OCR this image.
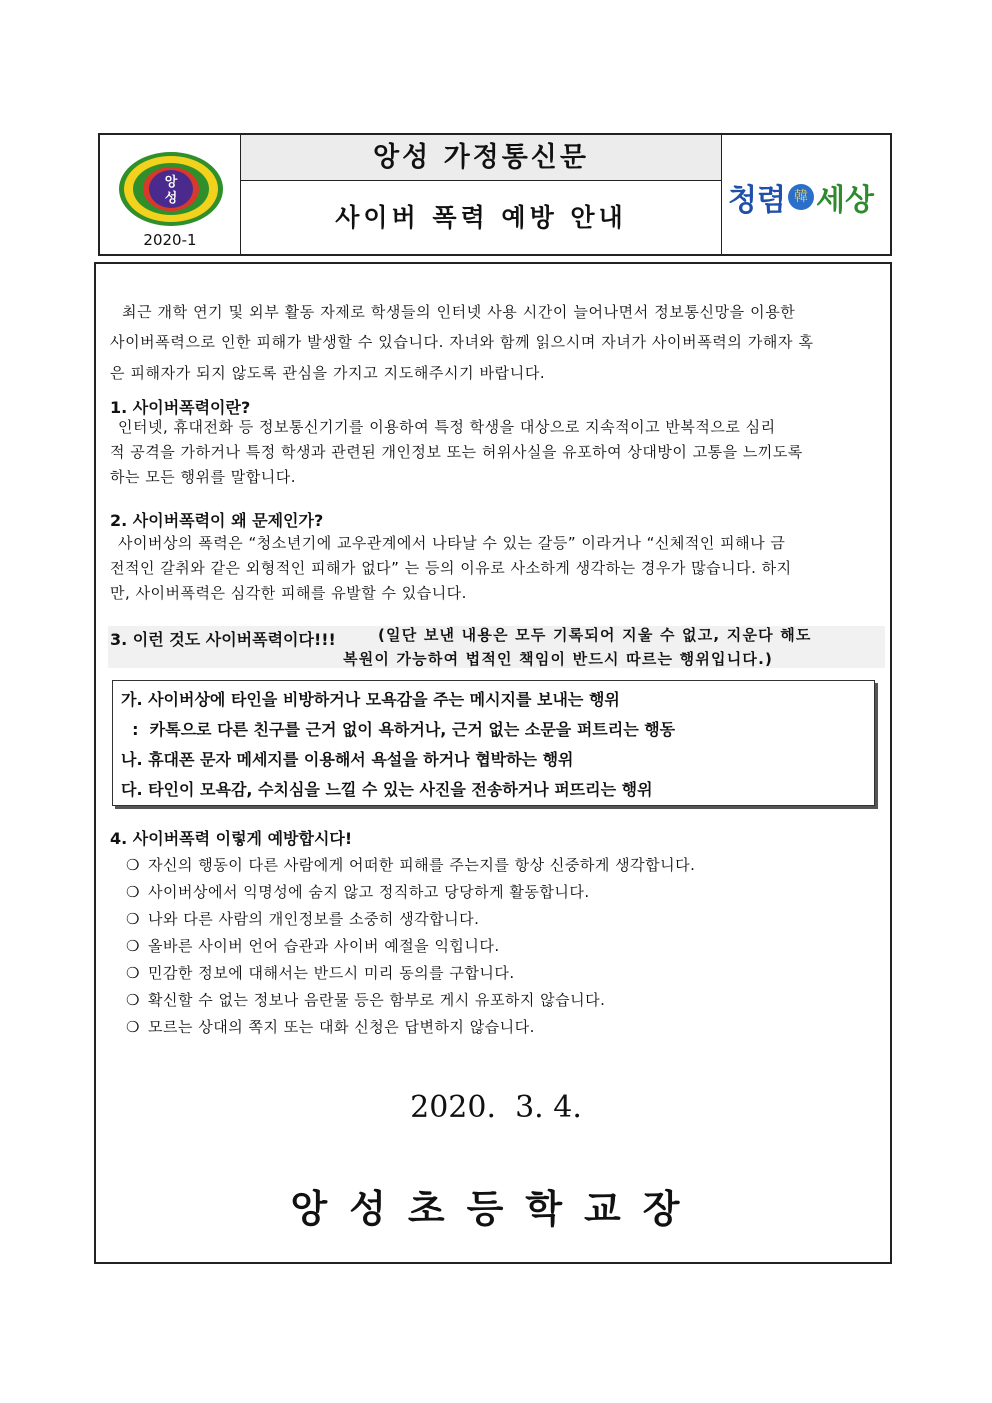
앙
성
2020-1
앙성 가정통신문
사이버 폭력 예방 안내	청렴 韓 세상
최근 개학 연기 및 외부 활동 자제로 학생들의 인터넷 사용 시간이 늘어나면서 정보통신망을 이용한
사이버폭력으로 인한 피해가 발생할 수 있습니다. 자녀와 함께 읽으시며 자녀가 사이버폭력의 가해자 혹
은 피해자가 되지 않도록 관심을 가지고 지도해주시기 바랍니다.
1. 사이버폭력이란?
인터넷, 휴대전화 등 정보통신기기를 이용하여 특정 학생을 대상으로 지속적이고 반복적으로 심리
적 공격을 가하거나 특정 학생과 관련된 개인정보 또는 허위사실을 유포하여 상대방이 고통을 느끼도록
하는 모든 행위를 말합니다.
2. 사이버폭력이 왜 문제인가?
사이버상의 폭력은 “청소년기에 교우관계에서 나타날 수 있는 갈등” 이라거나 “신체적인 피해나 금
전적인 갈취와 같은 외형적인 피해가 없다” 는 등의 이유로 사소하게 생각하는 경우가 많습니다. 하지
만, 사이버폭력은 심각한 피해를 유발할 수 있습니다.
3. 이런 것도 사이버폭력이다!!!	(일단 보낸 내용은 모두 기록되어 지울 수 없고, 지운다 해도
복원이 가능하여 법적인 책임이 반드시 따르는 행위입니다.)
가. 사이버상에 타인을 비방하거나 모욕감을 주는 메시지를 보내는 행위
:  카톡으로 다른 친구를 근거 없이 욕하거나, 근거 없는 소문을 퍼트리는 행동
나. 휴대폰 문자 메세지를 이용해서 욕설을 하거나 협박하는 행위
다. 타인이 모욕감, 수치심을 느낄 수 있는 사진을 전송하거나 퍼뜨리는 행위
4. 사이버폭력 이렇게 예방합시다!
❍ 자신의 행동이 다른 사람에게 어떠한 피해를 주는지를 항상 신중하게 생각합니다.
❍ 사이버상에서 익명성에 숨지 않고 정직하고 당당하게 활동합니다.
❍ 나와 다른 사람의 개인정보를 소중히 생각합니다.
❍ 올바른 사이버 언어 습관과 사이버 예절을 익힙니다.
❍ 민감한 정보에 대해서는 반드시 미리 동의를 구합니다.
❍ 확신할 수 없는 정보나 음란물 등은 함부로 게시 유포하지 않습니다.
❍ 모르는 상대의 쪽지 또는 대화 신청은 답변하지 않습니다.
2020.  3. 4.
앙성초등학교장
